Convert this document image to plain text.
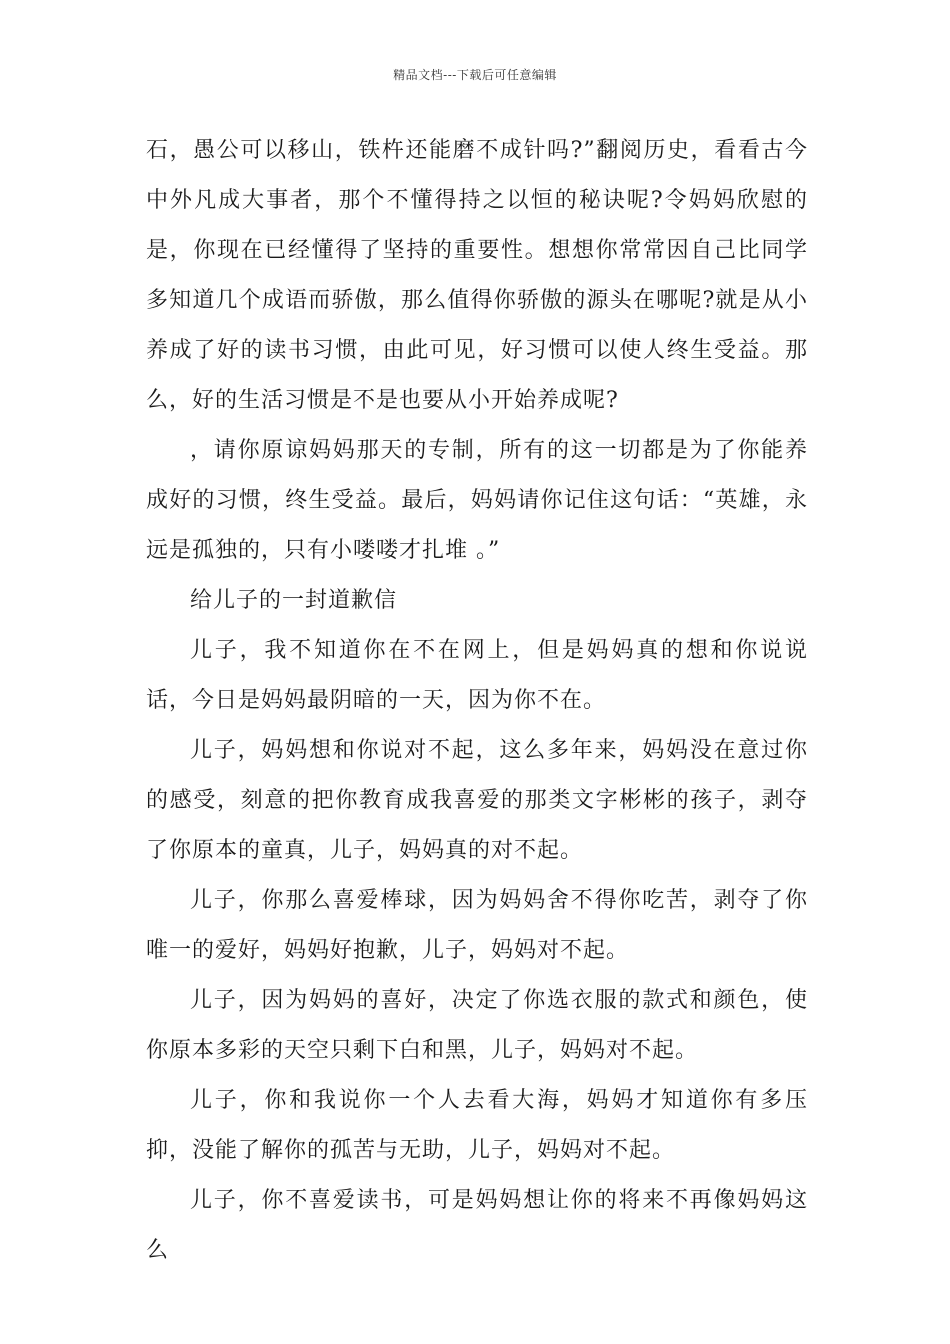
精品文档---下载后可任意编辑

石，愚公可以移山，铁杵还能磨不成针吗?”翻阅历史，看看古今中外凡成大事者，那个不懂得持之以恒的秘诀呢?令妈妈欣慰的是，你现在已经懂得了坚持的重要性。想想你常常因自己比同学多知道几个成语而骄傲，那么值得你骄傲的源头在哪呢?就是从小养成了好的读书习惯，由此可见，好习惯可以使人终生受益。那么，好的生活习惯是不是也要从小开始养成呢?

，请你原谅妈妈那天的专制，所有的这一切都是为了你能养成好的习惯，终生受益。最后，妈妈请你记住这句话：“英雄，永远是孤独的，只有小喽喽才扎堆 。”

给儿子的一封道歉信

儿子，我不知道你在不在网上，但是妈妈真的想和你说说话，今日是妈妈最阴暗的一天，因为你不在。

儿子，妈妈想和你说对不起，这么多年来，妈妈没在意过你的感受，刻意的把你教育成我喜爱的那类文字彬彬的孩子，剥夺了你原本的童真，儿子，妈妈真的对不起。

儿子，你那么喜爱棒球，因为妈妈舍不得你吃苦，剥夺了你唯一的爱好，妈妈好抱歉，儿子，妈妈对不起。

儿子，因为妈妈的喜好，决定了你选衣服的款式和颜色，使你原本多彩的天空只剩下白和黑，儿子，妈妈对不起。

儿子，你和我说你一个人去看大海，妈妈才知道你有多压抑，没能了解你的孤苦与无助，儿子，妈妈对不起。

儿子，你不喜爱读书，可是妈妈想让你的将来不再像妈妈这么
